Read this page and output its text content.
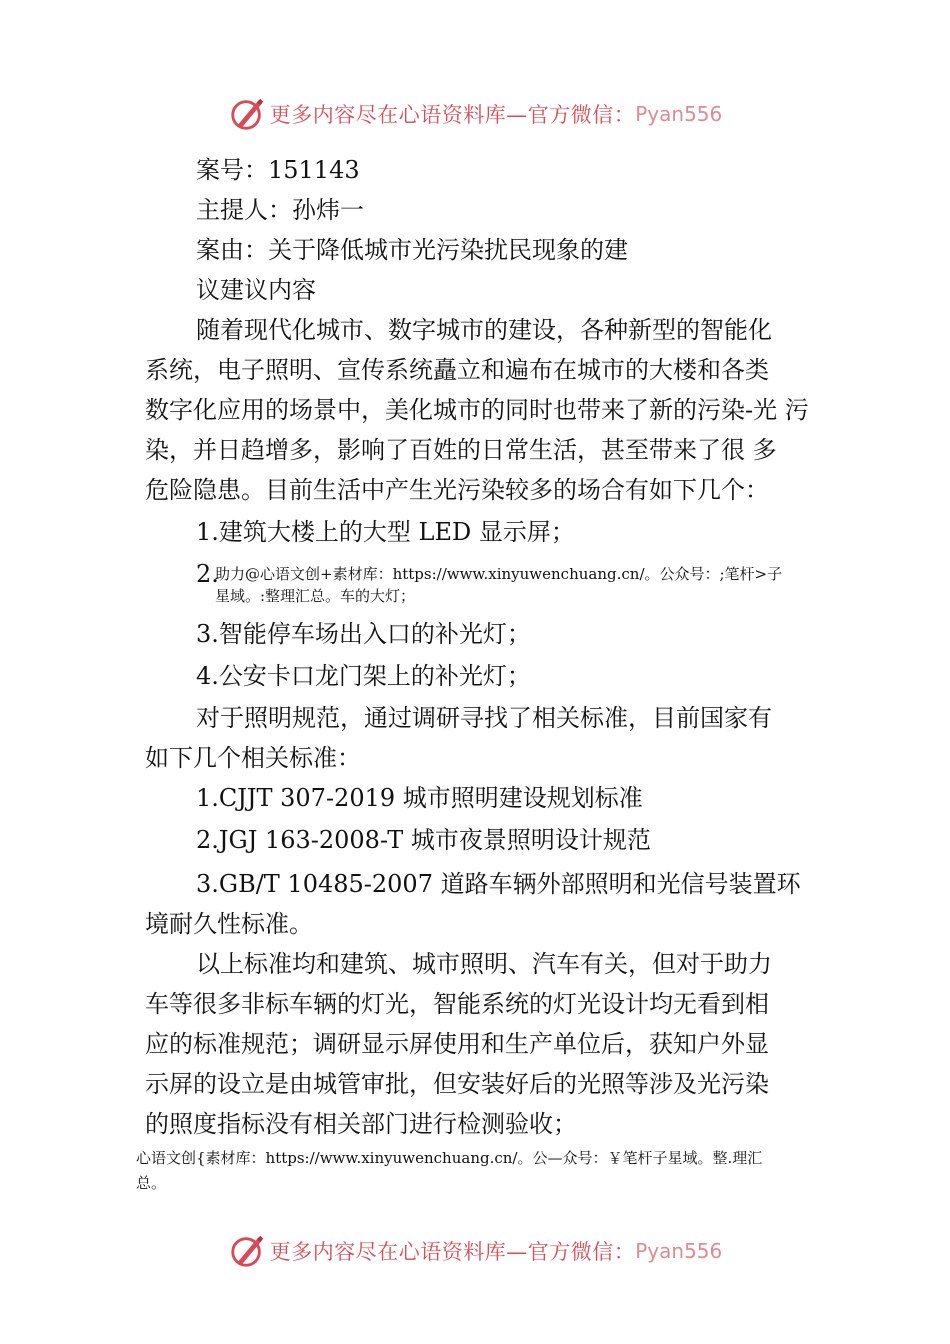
更多内容尽在心语资料库—官方微信： Pyan556
案号：151143
主提人：孙炜一
案由：关于降低城市光污染扰民现象的建
议建议内容
随着现代化城市、数字城市的建设，各种新型的智能化
系统，电子照明、宣传系统矗立和遍布在城市的大楼和各类
数字化应用的场景中，美化城市的同时也带来了新的污染-光 污
染，并日趋增多，影响了百姓的日常生活，甚至带来了很 多
危险隐患。目前生活中产生光污染较多的场合有如下几个：
1.建筑大楼上的大型 LED 显示屏；
2.
助力@心语文创+素材库：https://www.xinyuwenchuang.cn/。公众号：;笔杆>子
星域。:整理汇总。车的大灯；
3.智能停车场出入口的补光灯；
4.公安卡口龙门架上的补光灯；
对于照明规范，通过调研寻找了相关标准，目前国家有
如下几个相关标准：
1.CJJT 307-2019 城市照明建设规划标准
2.JGJ 163-2008-T 城市夜景照明设计规范
3.GB/T 10485-2007 道路车辆外部照明和光信号装置环
境耐久性标准。
以上标准均和建筑、城市照明、汽车有关，但对于助力
车等很多非标车辆的灯光，智能系统的灯光设计均无看到相
应的标准规范；调研显示屏使用和生产单位后，获知户外显
示屏的设立是由城管审批，但安装好后的光照等涉及光污染
的照度指标没有相关部门进行检测验收；
心语文创{素材库：https://www.xinyuwenchuang.cn/。公—众号：￥笔杆子星域。整.理汇
总。
更多内容尽在心语资料库—官方微信： Pyan556
